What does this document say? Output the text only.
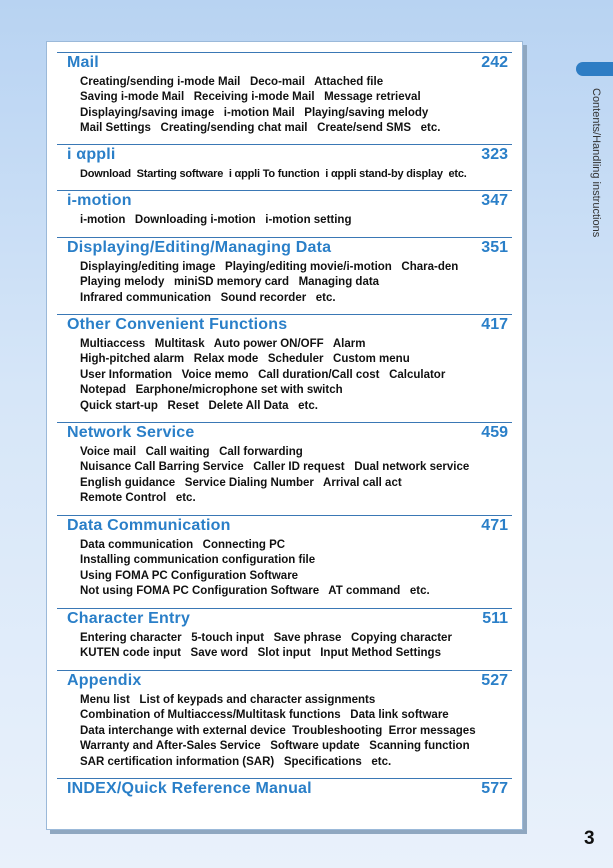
Mail	242
Creating/sending i-mode Mail   Deco-mail   Attached file
Saving i-mode Mail   Receiving i-mode Mail   Message retrieval
Displaying/saving image   i-motion Mail   Playing/saving melody
Mail Settings   Creating/sending chat mail   Create/send SMS   etc.
i αppli	323
Download  Starting software  i αppli To function  i αppli stand-by display  etc.
i-motion	347
i-motion   Downloading i-motion   i-motion setting
Displaying/Editing/Managing Data	351
Displaying/editing image   Playing/editing movie/i-motion   Chara-den
Playing melody   miniSD memory card   Managing data
Infrared communication   Sound recorder   etc.
Other Convenient Functions	417
Multiaccess   Multitask   Auto power ON/OFF   Alarm
High-pitched alarm   Relax mode   Scheduler   Custom menu
User Information   Voice memo   Call duration/Call cost   Calculator
Notepad   Earphone/microphone set with switch
Quick start-up   Reset   Delete All Data   etc.
Network Service	459
Voice mail   Call waiting   Call forwarding
Nuisance Call Barring Service   Caller ID request   Dual network service
English guidance   Service Dialing Number   Arrival call act
Remote Control   etc.
Data Communication	471
Data communication   Connecting PC
Installing communication configuration file
Using FOMA PC Configuration Software
Not using FOMA PC Configuration Software   AT command   etc.
Character Entry	511
Entering character   5-touch input   Save phrase   Copying character
KUTEN code input   Save word   Slot input   Input Method Settings
Appendix	527
Menu list   List of keypads and character assignments
Combination of Multiaccess/Multitask functions   Data link software
Data interchange with external device  Troubleshooting  Error messages
Warranty and After-Sales Service   Software update   Scanning function
SAR certification information (SAR)   Specifications   etc.
INDEX/Quick Reference Manual	577
Contents/Handling instructions
3
